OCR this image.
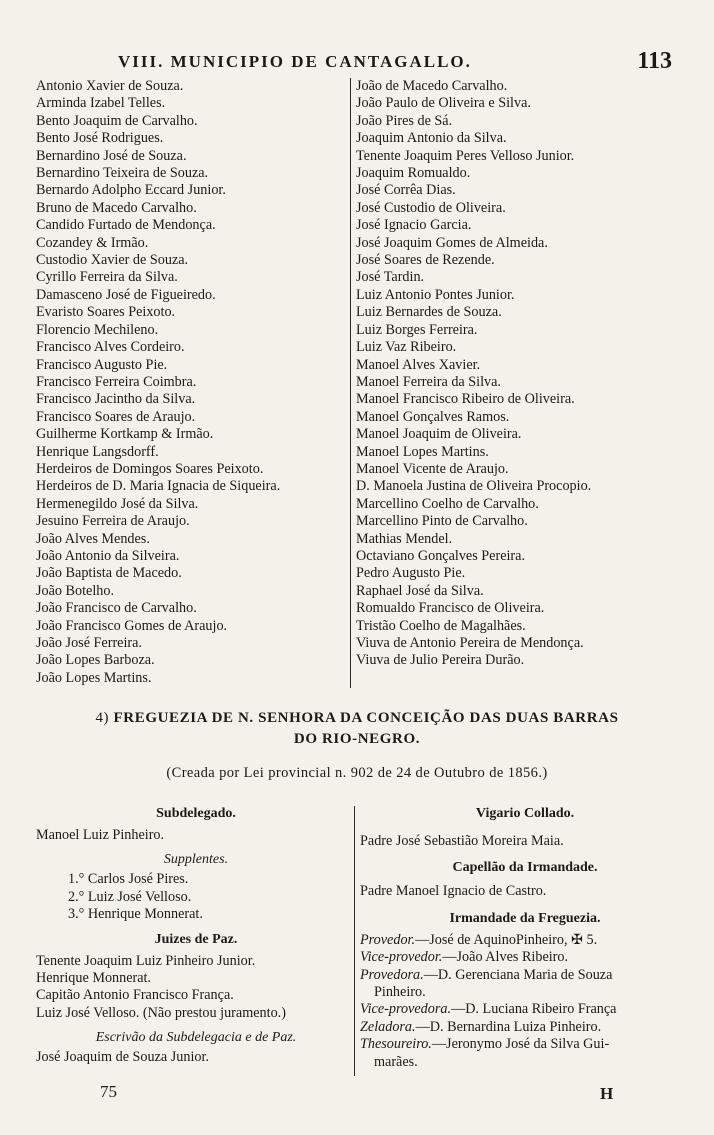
VIII. MUNICIPIO DE CANTAGALLO.	113
Antonio Xavier de Souza.
Arminda Izabel Telles.
Bento Joaquim de Carvalho.
Bento José Rodrigues.
Bernardino José de Souza.
Bernardino Teixeira de Souza.
Bernardo Adolpho Eccard Junior.
Bruno de Macedo Carvalho.
Candido Furtado de Mendonça.
Cozandey & Irmão.
Custodio Xavier de Souza.
Cyrillo Ferreira da Silva.
Damasceno José de Figueiredo.
Evaristo Soares Peixoto.
Florencio Mechileno.
Francisco Alves Cordeiro.
Francisco Augusto Pie.
Francisco Ferreira Coimbra.
Francisco Jacintho da Silva.
Francisco Soares de Araujo.
Guilherme Kortkamp & Irmão.
Henrique Langsdorff.
Herdeiros de Domingos Soares Peixoto.
Herdeiros de D. Maria Ignacia de Siqueira.
Hermenegildo José da Silva.
Jesuino Ferreira de Araujo.
João Alves Mendes.
João Antonio da Silveira.
João Baptista de Macedo.
João Botelho.
João Francisco de Carvalho.
João Francisco Gomes de Araujo.
João José Ferreira.
João Lopes Barboza.
João Lopes Martins.
João de Macedo Carvalho.
João Paulo de Oliveira e Silva.
João Pires de Sá.
Joaquim Antonio da Silva.
Tenente Joaquim Peres Velloso Junior.
Joaquim Romualdo.
José Corrêa Dias.
José Custodio de Oliveira.
José Ignacio Garcia.
José Joaquim Gomes de Almeida.
José Soares de Rezende.
José Tardin.
Luiz Antonio Pontes Junior.
Luiz Bernardes de Souza.
Luiz Borges Ferreira.
Luiz Vaz Ribeiro.
Manoel Alves Xavier.
Manoel Ferreira da Silva.
Manoel Francisco Ribeiro de Oliveira.
Manoel Gonçalves Ramos.
Manoel Joaquim de Oliveira.
Manoel Lopes Martins.
Manoel Vicente de Araujo.
D. Manoela Justina de Oliveira Procopio.
Marcellino Coelho de Carvalho.
Marcellino Pinto de Carvalho.
Mathias Mendel.
Octaviano Gonçalves Pereira.
Pedro Augusto Pie.
Raphael José da Silva.
Romualdo Francisco de Oliveira.
Tristão Coelho de Magalhães.
Viuva de Antonio Pereira de Mendonça.
Viuva de Julio Pereira Durão.
4) FREGUEZIA DE N. SENHORA DA CONCEIÇÃO DAS DUAS BARRAS
DO RIO-NEGRO.
(Creada por Lei provincial n. 902 de 24 de Outubro de 1856.)
Subdelegado.
Manoel Luiz Pinheiro.
Supplentes.
1.° Carlos José Pires.
2.° Luiz José Velloso.
3.° Henrique Monnerat.
Juizes de Paz.
Tenente Joaquim Luiz Pinheiro Junior.
Henrique Monnerat.
Capitão Antonio Francisco França.
Luiz José Velloso. (Não prestou juramento.)
Escrivão da Subdelegacia e de Paz.
José Joaquim de Souza Junior.
Vigario Collado.
Padre José Sebastião Moreira Maia.
Capellão da Irmandade.
Padre Manoel Ignacio de Castro.
Irmandade da Freguezia.
Provedor.—José de AquinoPinheiro, ✠ 5.
Vice-provedor.—João Alves Ribeiro.
Provedora.—D. Gerenciana Maria de Souza
Pinheiro.
Vice-provedora.—D. Luciana Ribeiro França
Zeladora.—D. Bernardina Luiza Pinheiro.
Thesoureiro.—Jeronymo José da Silva Gui-
marães.
75	H
